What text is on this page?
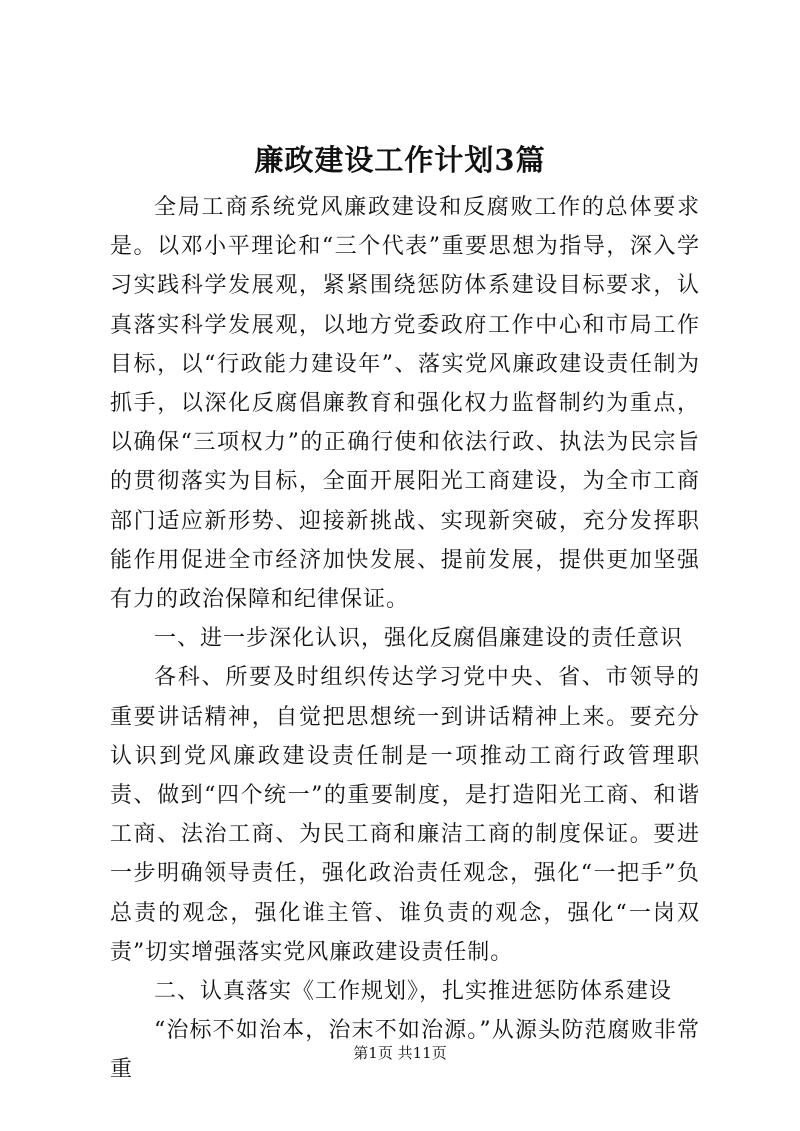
廉政建设工作计划3篇

全局工商系统党风廉政建设和反腐败工作的总体要求是。以邓小平理论和“三个代表”重要思想为指导，深入学习实践科学发展观，紧紧围绕惩防体系建设目标要求，认真落实科学发展观，以地方党委政府工作中心和市局工作目标，以“行政能力建设年”、落实党风廉政建设责任制为抓手，以深化反腐倡廉教育和强化权力监督制约为重点，以确保“三项权力”的正确行使和依法行政、执法为民宗旨的贯彻落实为目标，全面开展阳光工商建设，为全市工商部门适应新形势、迎接新挑战、实现新突破，充分发挥职能作用促进全市经济加快发展、提前发展，提供更加坚强有力的政治保障和纪律保证。

一、进一步深化认识，强化反腐倡廉建设的责任意识

各科、所要及时组织传达学习党中央、省、市领导的重要讲话精神，自觉把思想统一到讲话精神上来。要充分认识到党风廉政建设责任制是一项推动工商行政管理职责、做到“四个统一”的重要制度，是打造阳光工商、和谐工商、法治工商、为民工商和廉洁工商的制度保证。要进一步明确领导责任，强化政治责任观念，强化“一把手”负总责的观念，强化谁主管、谁负责的观念，强化“一岗双责”切实增强落实党风廉政建设责任制。

二、认真落实《工作规划》，扎实推进惩防体系建设

“治标不如治本，治末不如治源。”从源头防范腐败非常重

第1页 共11页
